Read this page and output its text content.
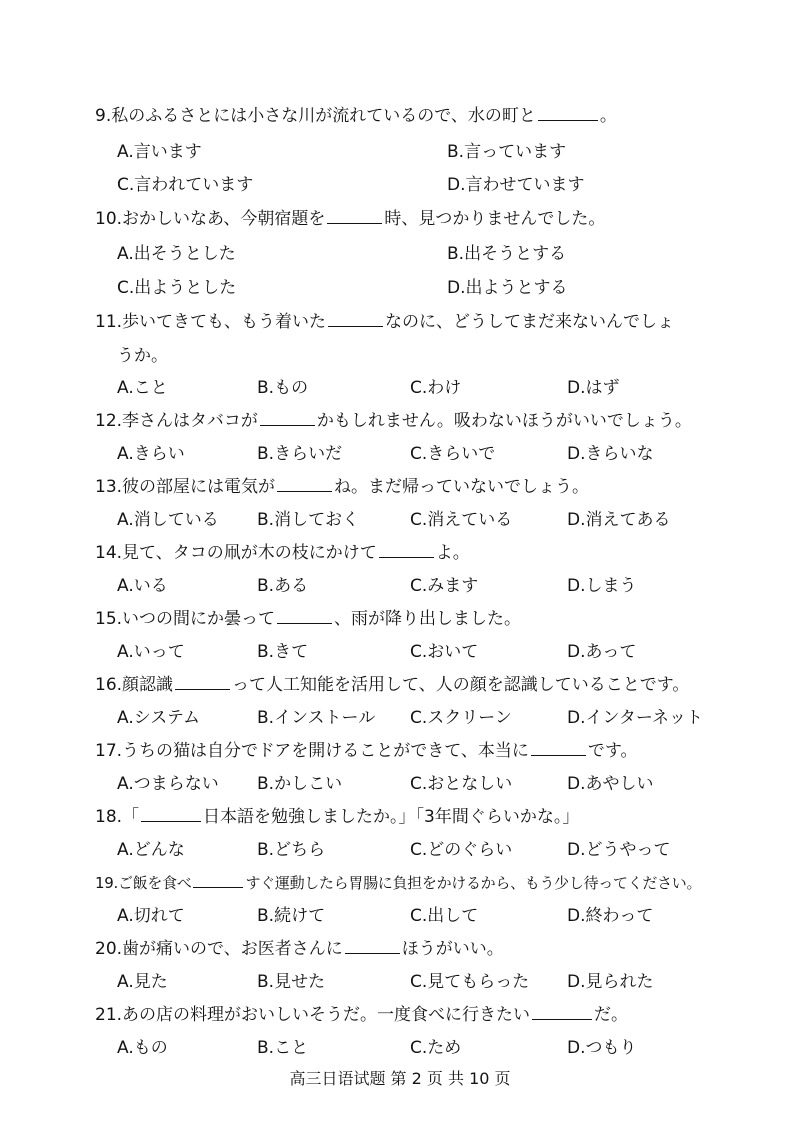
9.私のふるさとには小さな川が流れているので、水の町と	。
A.言います	B.言っています
C.言われています	D.言わせています
10.おかしいなあ、今朝宿題を	時、見つかりませんでした。
A.出そうとした	B.出そうとする
C.出ようとした	D.出ようとする
11.歩いてきても、もう着いた	なのに、どうしてまだ来ないんでしょ
うか。
A.こと	B.もの	C.わけ	D.はず
12.李さんはタバコが	かもしれません。吸わないほうがいいでしょう。
A.きらい	B.きらいだ	C.きらいで	D.きらいな
13.彼の部屋には電気が	ね。まだ帰っていないでしょう。
A.消している B.消しておく	C.消えている	D.消えてある
14.見て、タコの凧が木の枝にかけて	よ。
A.いる	B.ある	C.みます	D.しまう
15.いつの間にか曇って	、雨が降り出しました。
A.いって	B.きて	C.おいて	D.あって
16.顔認識	って人工知能を活用して、人の顔を認識していることです。
A.システム	B.インストール C.スクリーン	D.インターネット
17.うちの猫は自分でドアを開けることができて、本当に	です。
A.つまらない B.かしこい	C.おとなしい	D.あやしい
18.「	日本語を勉強しましたか。」「3年間ぐらいかな。」
A.どんな	B.どちら	C.どのぐらい	D.どうやって
19.ご飯を食べ	すぐ運動したら胃腸に負担をかけるから、もう少し待ってください。
A.切れて	B.続けて	C.出して	D.終わって
20.歯が痛いので、お医者さんに	ほうがいい。
A.見た	B.見せた	C.見てもらった D.見られた
21.あの店の料理がおいしいそうだ。一度食べに行きたい	だ。
A.もの	B.こと	C.ため	D.つもり
高三日语试题 第 2 页 共 10 页
